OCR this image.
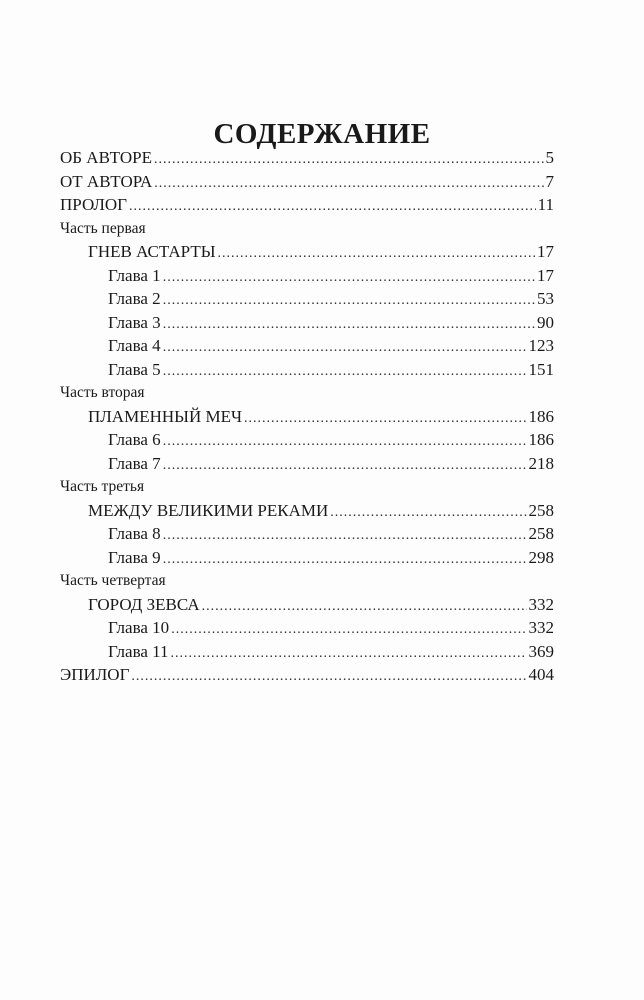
СОДЕРЖАНИЕ
ОБ АВТОРЕ .....	5
ОТ АВТОРА .....	7
ПРОЛОГ .....	11
Часть первая
ГНЕВ АСТАРТЫ .....	17
Глава 1 .....	17
Глава 2 .....	53
Глава 3 .....	90
Глава 4 .....	123
Глава 5 .....	151
Часть вторая
ПЛАМЕННЫЙ МЕЧ .....	186
Глава 6 .....	186
Глава 7 .....	218
Часть третья
МЕЖДУ ВЕЛИКИМИ РЕКАМИ .....	258
Глава 8 .....	258
Глава 9 .....	298
Часть четвертая
ГОРОД ЗЕВСА .....	332
Глава 10 .....	332
Глава 11 .....	369
ЭПИЛОГ .....	404
